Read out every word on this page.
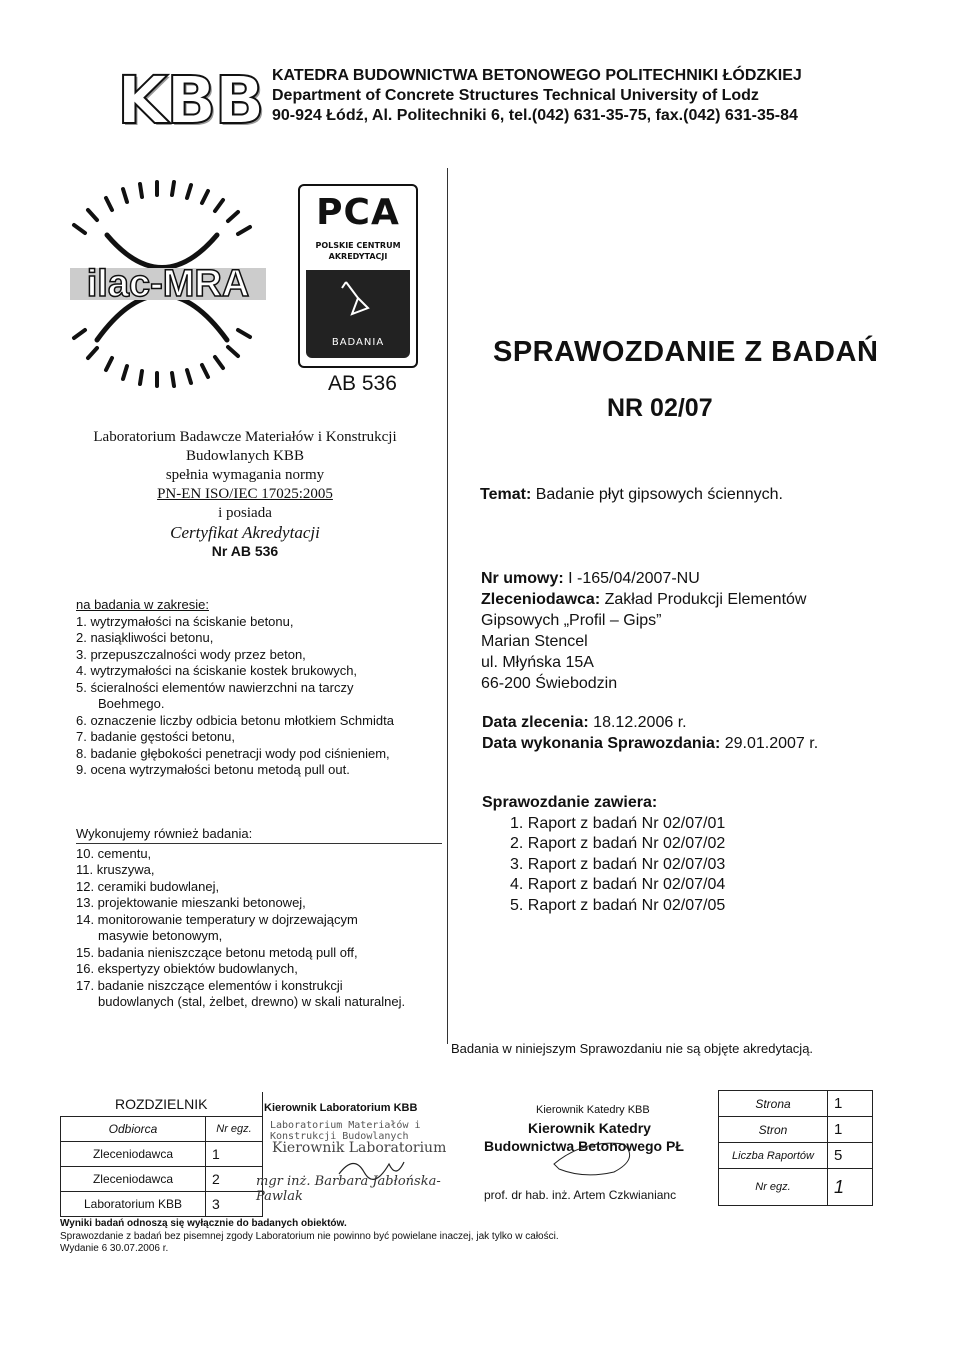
KBB KATEDRA BUDOWNICTWA BETONOWEGO POLITECHNIKI ŁÓDZKIEJ
Department of Concrete Structures Technical University of Lodz
90-924 Łódź, Al. Politechniki 6, tel.(042) 631-35-75, fax.(042) 631-35-84
ilac-MRA
PCA
POLSKIE CENTRUM
AKREDYTACJI
BADANIA
AB 536
Laboratorium Badawcze Materiałów i Konstrukcji
Budowlanych KBB
spełnia wymagania normy
PN-EN ISO/IEC 17025:2005
i posiada
Certyfikat Akredytacji
Nr AB 536
na badania w zakresie:
1. wytrzymałości na ściskanie betonu,
2. nasiąkliwości betonu,
3. przepuszczalności wody przez beton,
4. wytrzymałości na ściskanie kostek brukowych,
5. ścieralności elementów nawierzchni na tarczy
Boehmego.
6. oznaczenie liczby odbicia betonu młotkiem Schmidta
7. badanie gęstości betonu,
8. badanie głębokości penetracji wody pod ciśnieniem,
9. ocena wytrzymałości betonu metodą pull out.
Wykonujemy również badania:
10. cementu,
11. kruszywa,
12. ceramiki budowlanej,
13. projektowanie mieszanki betonowej,
14. monitorowanie temperatury w dojrzewającym
masywie betonowym,
15. badania nieniszczące betonu metodą pull off,
16. ekspertyzy obiektów budowlanych,
17. badanie niszczące elementów i konstrukcji
budowlanych (stal, żelbet, drewno) w skali naturalnej.
SPRAWOZDANIE Z BADAŃ
NR 02/07
Temat: Badanie płyt gipsowych ściennych.
Nr umowy: I -165/04/2007-NU
Zleceniodawca: Zakład Produkcji Elementów
Gipsowych „Profil – Gips”
Marian Stencel
ul. Młyńska 15A
66-200 Świebodzin
Data zlecenia: 18.12.2006 r.
Data wykonania Sprawozdania: 29.01.2007 r.
Sprawozdanie zawiera:
1. Raport z badań Nr 02/07/01
2. Raport z badań Nr 02/07/02
3. Raport z badań Nr 02/07/03
4. Raport z badań Nr 02/07/04
5. Raport z badań Nr 02/07/05
Badania w niniejszym Sprawozdaniu nie są objęte akredytacją.
ROZDZIELNIK	
Odbiorca	Nr egz.
Zleceniodawca	1
Zleceniodawca	2
Laboratorium KBB	3
Kierownik Laboratorium KBB
Laboratorium Materiałów i Konstrukcji Budowlanych
Kierownik Laboratorium
mgr inż. Barbara Jabłońska-Pawlak
Kierownik Katedry KBB
Kierownik Katedry
Budownictwa Betonowego PŁ
prof. dr hab. inż. Artem Czkwianianc
Strona	1
Stron	1
Liczba Raportów	5
Nr egz.	1
Wyniki badań odnoszą się wyłącznie do badanych obiektów.
Sprawozdanie z badań bez pisemnej zgody Laboratorium nie powinno być powielane inaczej, jak tylko w całości.
Wydanie 6 30.07.2006 r.
